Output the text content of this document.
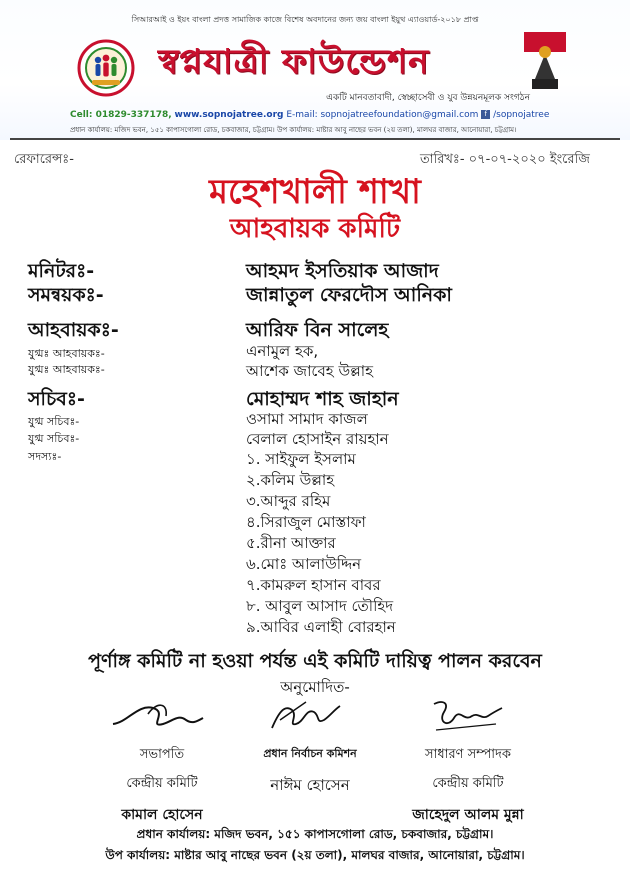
সিআরআই ও ইয়ং বাংলা প্রদত্ত সামাজিক কাজে বিশেষ অবদানের জন্য জয় বাংলা ইয়ুথ এ্যাওয়ার্ড-২০১৮ প্রাপ্ত
স্বপ্নযাত্রী ফাউন্ডেশন
একটি মানবতাবাদী, স্বেচ্ছাসেবী ও যুব উন্নয়নমূলক সংগঠন
Cell: 01829-337178, www.sopnojatree.org E-mail: sopnojatreefoundation@gmail.com f /sopnojatree
প্রধান কার্যালয়: মজিদ ভবন, ১৫১ কাপাসগোলা রোড, চকবাজার, চট্টগ্রাম। উপ কার্যালয়: মাষ্টার আবু নাছের ভবন (২য় তলা), মালঘর বাজার, আনোয়ারা, চট্টগ্রাম।
রেফারেন্সঃ-	তারিখঃ- ০৭-০৭-২০২০ ইংরেজি
মহেশখালী শাখা
আহবায়ক কমিটি
মনিটরঃ-	আহমদ ইসতিয়াক আজাদ
সমন্বয়কঃ-	জান্নাতুল ফেরদৌস আনিকা
আহবায়কঃ-	আরিফ বিন সালেহ
যুগ্মঃ আহবায়কঃ-	এনামুল হক,
যুগ্মঃ আহবায়কঃ-	আশেক জাবেহ উল্লাহ
সচিবঃ-	মোহাম্মদ শাহ জাহান
যুগ্ম সচিবঃ-	ওসামা সামাদ কাজল
যুগ্ম সচিবঃ-	বেলাল হোসাইন রায়হান
সদস্যঃ-	১. সাইফুল ইসলাম
২.কলিম উল্লাহ
৩.আব্দুর রহিম
৪.সিরাজুল মোস্তাফা
৫.রীনা আক্তার
৬.মোঃ আলাউদ্দিন
৭.কামরুল হাসান বাবর
৮. আবুল আসাদ তৌহিদ
৯.আবির এলাহী বোরহান
পূর্ণাঙ্গ কমিটি না হওয়া পর্যন্ত এই কমিটি দায়িত্ব পালন করবেন
অনুমোদিত-
সভাপতি
কেন্দ্রীয় কমিটি
কামাল হোসেন
প্রধান নির্বাচন কমিশন
নাঈম হোসেন
সাধারণ সম্পাদক
কেন্দ্রীয় কমিটি
জাহেদুল আলম মুন্না
প্রধান কার্যালয়: মজিদ ভবন, ১৫১ কাপাসগোলা রোড, চকবাজার, চট্টগ্রাম।
উপ কার্যালয়: মাষ্টার আবু নাছের ভবন (২য় তলা), মালঘর বাজার, আনোয়ারা, চট্টগ্রাম।
